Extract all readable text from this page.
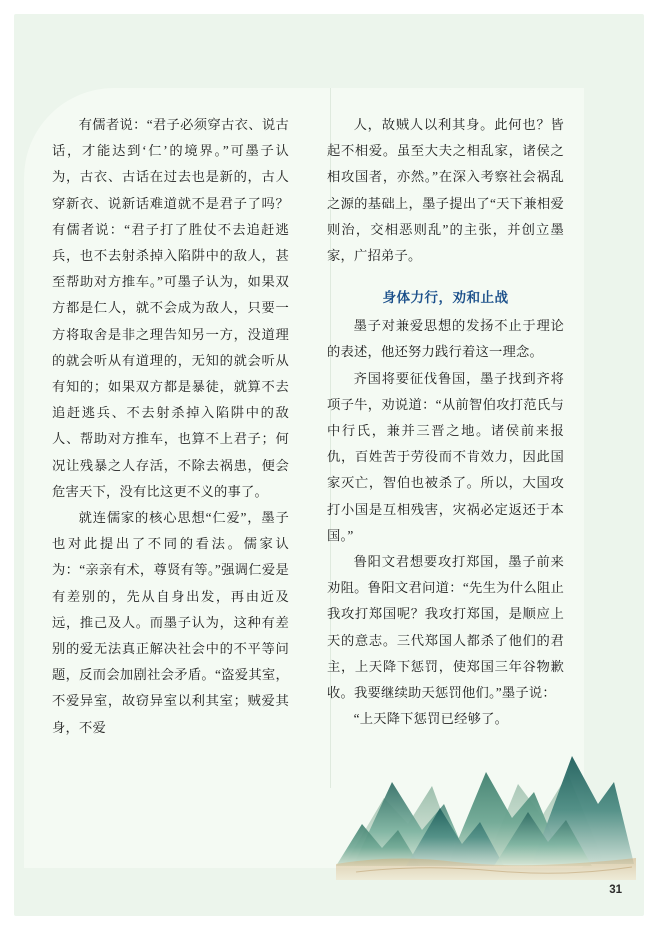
有儒者说：“君子必须穿古衣、说古话，才能达到‘仁’的境界。”可墨子认为，古衣、古话在过去也是新的，古人穿新衣、说新话难道就不是君子了吗？有儒者说：“君子打了胜仗不去追赶逃兵，也不去射杀掉入陷阱中的敌人，甚至帮助对方推车。”可墨子认为，如果双方都是仁人，就不会成为敌人，只要一方将取舍是非之理告知另一方，没道理的就会听从有道理的，无知的就会听从有知的；如果双方都是暴徒，就算不去追赶逃兵、不去射杀掉入陷阱中的敌人、帮助对方推车，也算不上君子；何况让残暴之人存活，不除去祸患，便会危害天下，没有比这更不义的事了。

就连儒家的核心思想“仁爱”，墨子也对此提出了不同的看法。儒家认为：“亲亲有术，尊贤有等。”强调仁爱是有差别的，先从自身出发，再由近及远，推己及人。而墨子认为，这种有差别的爱无法真正解决社会中的不平等问题，反而会加剧社会矛盾。“盗爱其室，不爱异室，故窃异室以利其室；贼爱其身，不爱

人，故贼人以利其身。此何也？皆起不相爱。虽至大夫之相乱家，诸侯之相攻国者，亦然。”在深入考察社会祸乱之源的基础上，墨子提出了“天下兼相爱则治，交相恶则乱”的主张，并创立墨家，广招弟子。

身体力行，劝和止战

墨子对兼爱思想的发扬不止于理论的表述，他还努力践行着这一理念。

齐国将要征伐鲁国，墨子找到齐将项子牛，劝说道：“从前智伯攻打范氏与中行氏，兼并三晋之地。诸侯前来报仇，百姓苦于劳役而不肯效力，因此国家灭亡，智伯也被杀了。所以，大国攻打小国是互相残害，灾祸必定返还于本国。”

鲁阳文君想要攻打郑国，墨子前来劝阻。鲁阳文君问道：“先生为什么阻止我攻打郑国呢？我攻打郑国，是顺应上天的意志。三代郑国人都杀了他们的君主，上天降下惩罚，使郑国三年谷物歉收。我要继续助天惩罚他们。”墨子说：

“上天降下惩罚已经够了。

31
